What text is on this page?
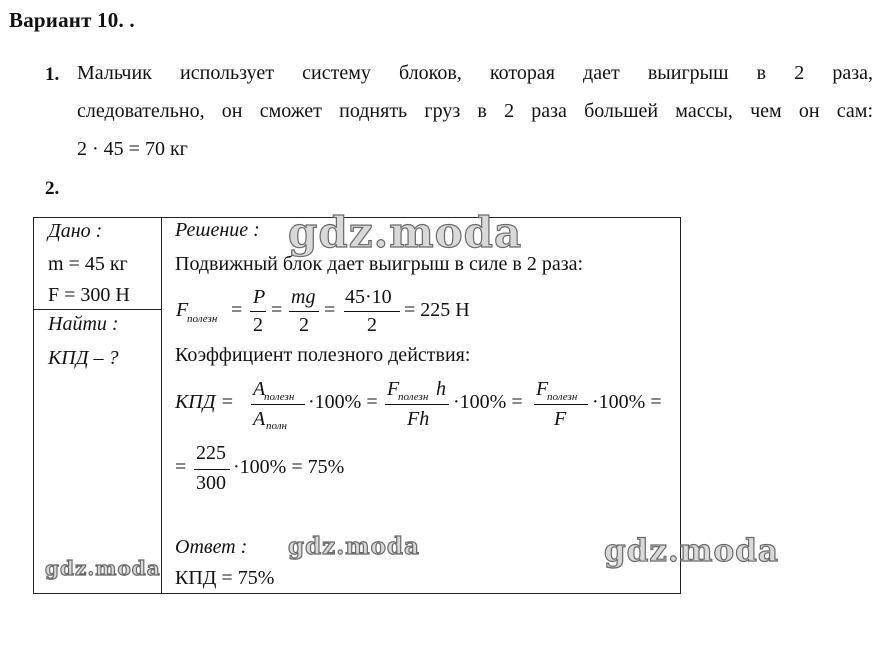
Вариант 10. .
1. Мальчик использует систему блоков, которая дает выигрыш в 2 раза,
следовательно, он сможет поднять груз в 2 раза большей массы, чем он сам:
2 · 45 = 70 кг
2.
Дано :
m = 45 кг
F = 300 Н
Найти :
КПД – ?
Решение :
Подвижный блок дает выигрыш в силе в 2 раза:
F
полезн =
P
2
=
mg
2
=
45·10
2
= 225 Н
Коэффициент полезного действия:
КПД =
A
полезн
A полн
·100% =
F
полезн h
Fh
·100% =
F
полезн
F
·100% =
=
225
300
·100% = 75%
Ответ :
КПД = 75%
gdz.moda
gdz.moda	gdz.moda
gdz.moda
